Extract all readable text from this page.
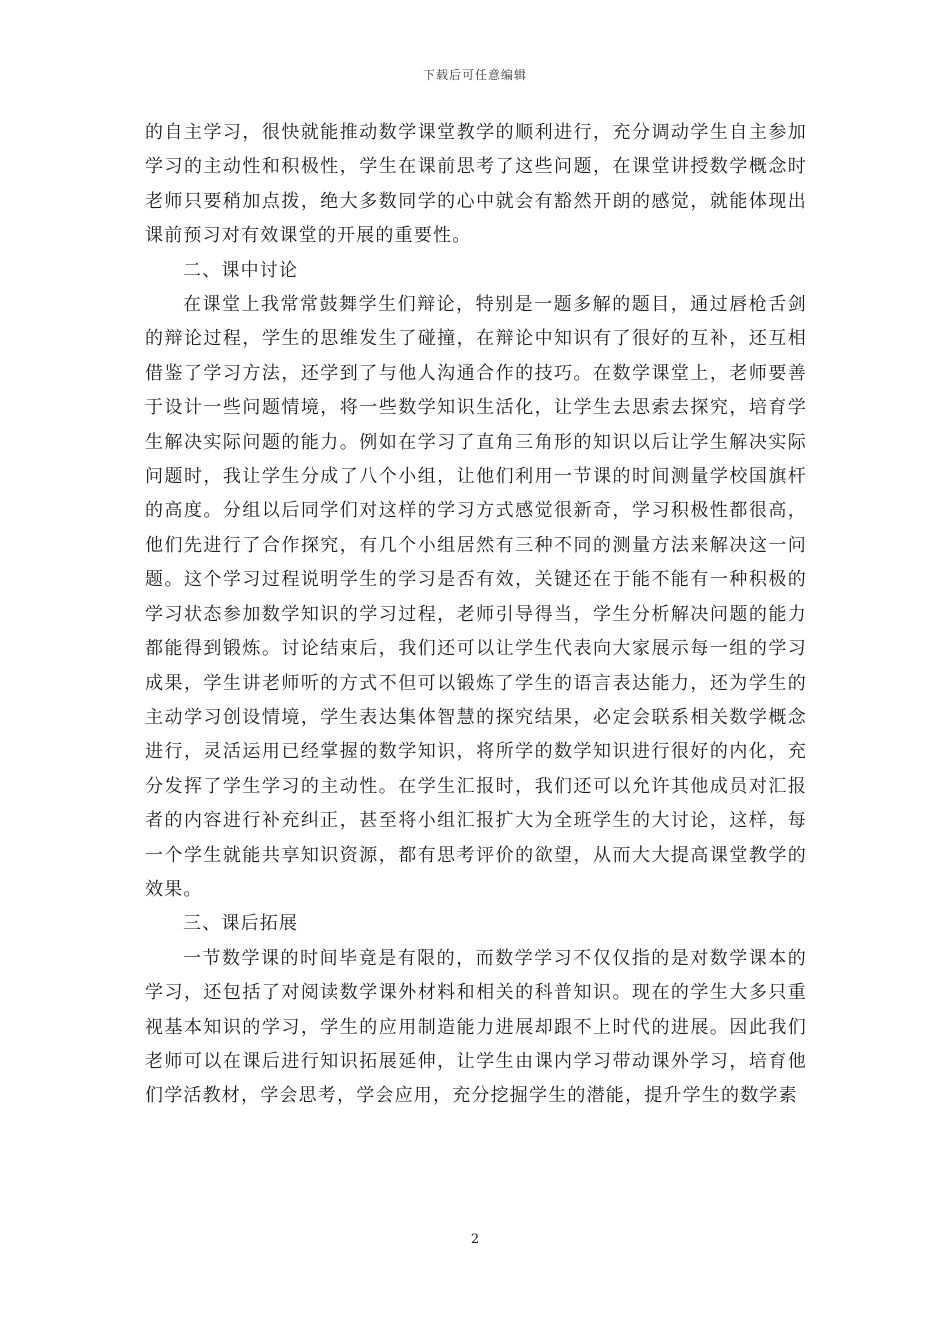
下载后可任意编辑

的自主学习，很快就能推动数学课堂教学的顺利进行，充分调动学生自主参加学习的主动性和积极性，学生在课前思考了这些问题，在课堂讲授数学概念时老师只要稍加点拨，绝大多数同学的心中就会有豁然开朗的感觉，就能体现出课前预习对有效课堂的开展的重要性。

二、课中讨论

在课堂上我常常鼓舞学生们辩论，特别是一题多解的题目，通过唇枪舌剑的辩论过程，学生的思维发生了碰撞，在辩论中知识有了很好的互补，还互相借鉴了学习方法，还学到了与他人沟通合作的技巧。在数学课堂上，老师要善于设计一些问题情境，将一些数学知识生活化，让学生去思索去探究，培育学生解决实际问题的能力。例如在学习了直角三角形的知识以后让学生解决实际问题时，我让学生分成了八个小组，让他们利用一节课的时间测量学校国旗杆的高度。分组以后同学们对这样的学习方式感觉很新奇，学习积极性都很高，他们先进行了合作探究，有几个小组居然有三种不同的测量方法来解决这一问题。这个学习过程说明学生的学习是否有效，关键还在于能不能有一种积极的学习状态参加数学知识的学习过程，老师引导得当，学生分析解决问题的能力都能得到锻炼。讨论结束后，我们还可以让学生代表向大家展示每一组的学习成果，学生讲老师听的方式不但可以锻炼了学生的语言表达能力，还为学生的主动学习创设情境，学生表达集体智慧的探究结果，必定会联系相关数学概念进行，灵活运用已经掌握的数学知识，将所学的数学知识进行很好的内化，充分发挥了学生学习的主动性。在学生汇报时，我们还可以允许其他成员对汇报者的内容进行补充纠正，甚至将小组汇报扩大为全班学生的大讨论，这样，每一个学生就能共享知识资源，都有思考评价的欲望，从而大大提高课堂教学的效果。

三、课后拓展

一节数学课的时间毕竟是有限的，而数学学习不仅仅指的是对数学课本的学习，还包括了对阅读数学课外材料和相关的科普知识。现在的学生大多只重视基本知识的学习，学生的应用制造能力进展却跟不上时代的进展。因此我们老师可以在课后进行知识拓展延伸，让学生由课内学习带动课外学习，培育他们学活教材，学会思考，学会应用，充分挖掘学生的潜能，提升学生的数学素

2
